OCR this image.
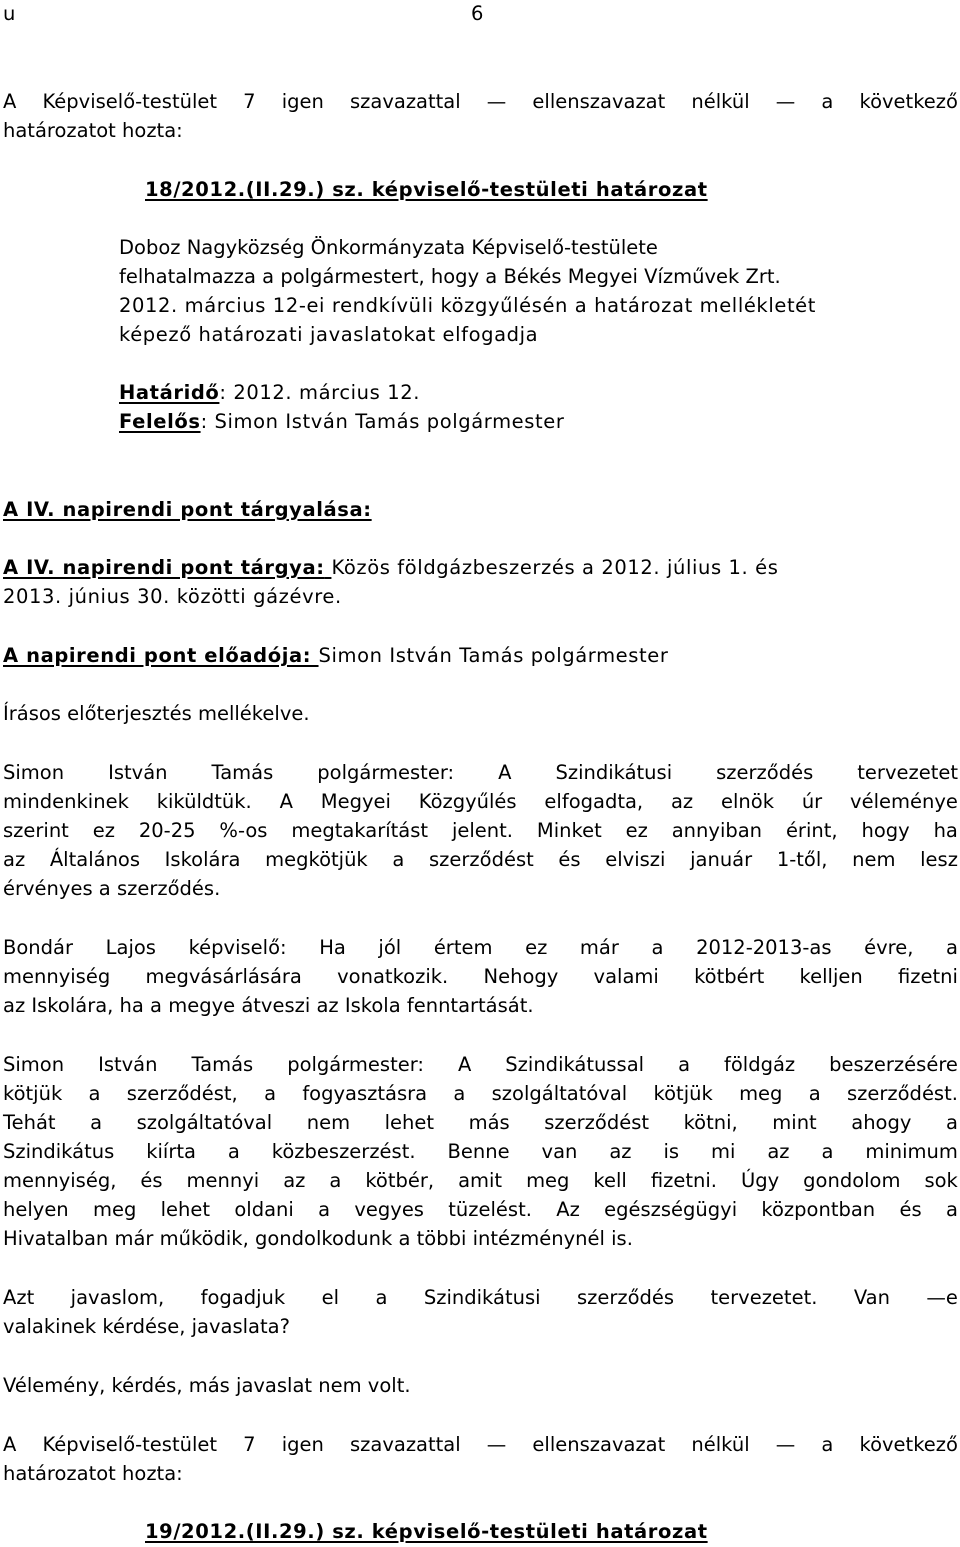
u	6
A Képviselő-testület 7 igen szavazattal — ellenszavazat nélkül — a következő
határozatot hozta:
18/2012.(II.29.) sz. képviselő-testületi határozat
Doboz Nagyközség Önkormányzata Képviselő-testülete
felhatalmazza a polgármestert, hogy a Békés Megyei Vízművek Zrt.
2012. március 12-ei rendkívüli közgyűlésén a határozat mellékletét
képező határozati javaslatokat elfogadja
Határidő: 2012. március 12.
Felelős: Simon István Tamás polgármester
A IV. napirendi pont tárgyalása:
A IV. napirendi pont tárgya: Közös földgázbeszerzés a 2012. július 1. és
2013. június 30. közötti gázévre.
A napirendi pont előadója: Simon István Tamás polgármester
Írásos előterjesztés mellékelve.
Simon István Tamás polgármester: A Szindikátusi szerződés tervezetet
mindenkinek kiküldtük. A Megyei Közgyűlés elfogadta, az elnök úr véleménye
szerint ez 20-25 %-os megtakarítást jelent. Minket ez annyiban érint, hogy ha
az Általános Iskolára megkötjük a szerződést és elviszi január 1-től, nem lesz
érvényes a szerződés.
Bondár Lajos képviselő: Ha jól értem ez már a 2012-2013-as évre, a
mennyiség megvásárlására vonatkozik. Nehogy valami kötbért kelljen fizetni
az Iskolára, ha a megye átveszi az Iskola fenntartását.
Simon István Tamás polgármester: A Szindikátussal a földgáz beszerzésére
kötjük a szerződést, a fogyasztásra a szolgáltatóval kötjük meg a szerződést.
Tehát a szolgáltatóval nem lehet más szerződést kötni, mint ahogy a
Szindikátus kiírta a közbeszerzést. Benne van az is mi az a minimum
mennyiség, és mennyi az a kötbér, amit meg kell fizetni. Úgy gondolom sok
helyen meg lehet oldani a vegyes tüzelést. Az egészségügyi központban és a
Hivatalban már működik, gondolkodunk a többi intézménynél is.
Azt javaslom, fogadjuk el a Szindikátusi szerződés tervezetet. Van —e
valakinek kérdése, javaslata?
Vélemény, kérdés, más javaslat nem volt.
A Képviselő-testület 7 igen szavazattal — ellenszavazat nélkül — a következő
határozatot hozta:
19/2012.(II.29.) sz. képviselő-testületi határozat
